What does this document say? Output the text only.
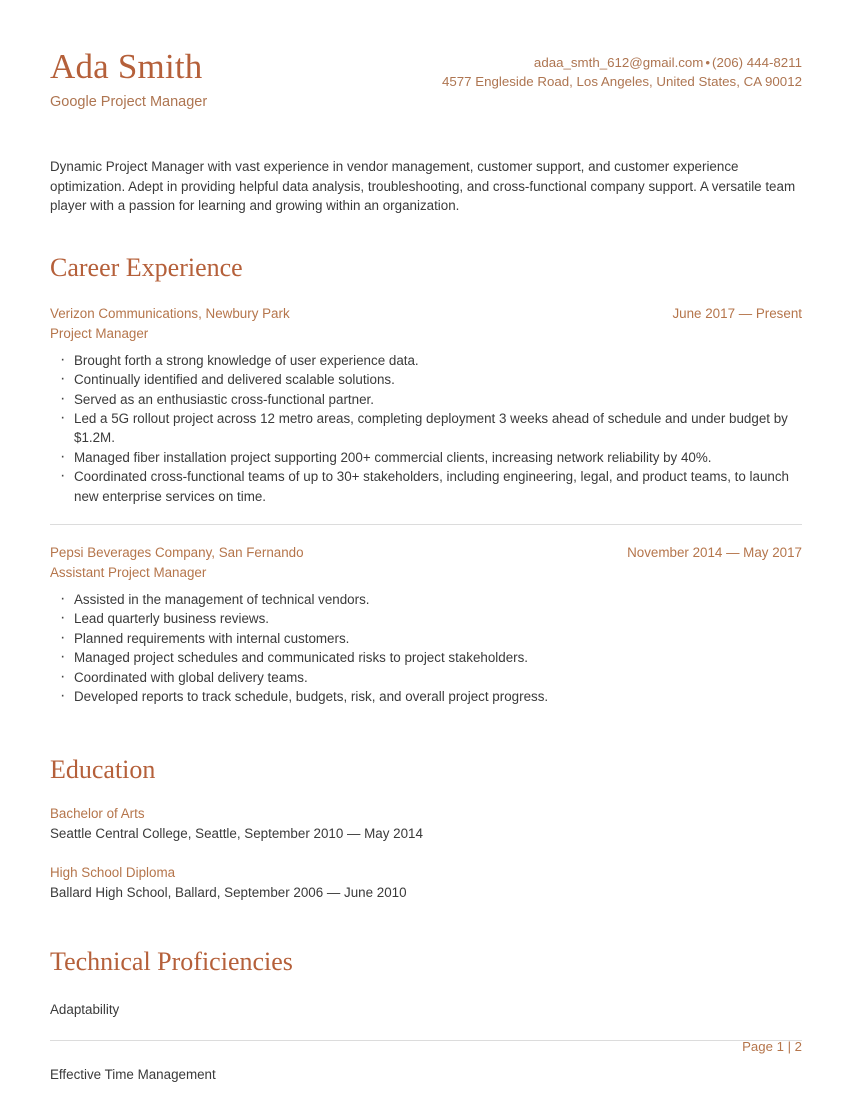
Ada Smith
Google Project Manager
adaa_smth_612@gmail.com • (206) 444-8211
4577 Engleside Road, Los Angeles, United States, CA 90012
Dynamic Project Manager with vast experience in vendor management, customer support, and customer experience optimization. Adept in providing helpful data analysis, troubleshooting, and cross-functional company support. A versatile team player with a passion for learning and growing within an organization.
Career Experience
Verizon Communications, Newbury Park	June 2017 — Present
Project Manager
· Brought forth a strong knowledge of user experience data.
· Continually identified and delivered scalable solutions.
· Served as an enthusiastic cross-functional partner.
· Led a 5G rollout project across 12 metro areas, completing deployment 3 weeks ahead of schedule and under budget by $1.2M.
· Managed fiber installation project supporting 200+ commercial clients, increasing network reliability by 40%.
· Coordinated cross-functional teams of up to 30+ stakeholders, including engineering, legal, and product teams, to launch new enterprise services on time.
Pepsi Beverages Company, San Fernando	November 2014 — May 2017
Assistant Project Manager
· Assisted in the management of technical vendors.
· Lead quarterly business reviews.
· Planned requirements with internal customers.
· Managed project schedules and communicated risks to project stakeholders.
· Coordinated with global delivery teams.
· Developed reports to track schedule, budgets, risk, and overall project progress.
Education
Bachelor of Arts
Seattle Central College, Seattle, September 2010 — May 2014
High School Diploma
Ballard High School, Ballard, September 2006 — June 2010
Technical Proficiencies
Adaptability
Effective Time Management
Page 1 | 2
